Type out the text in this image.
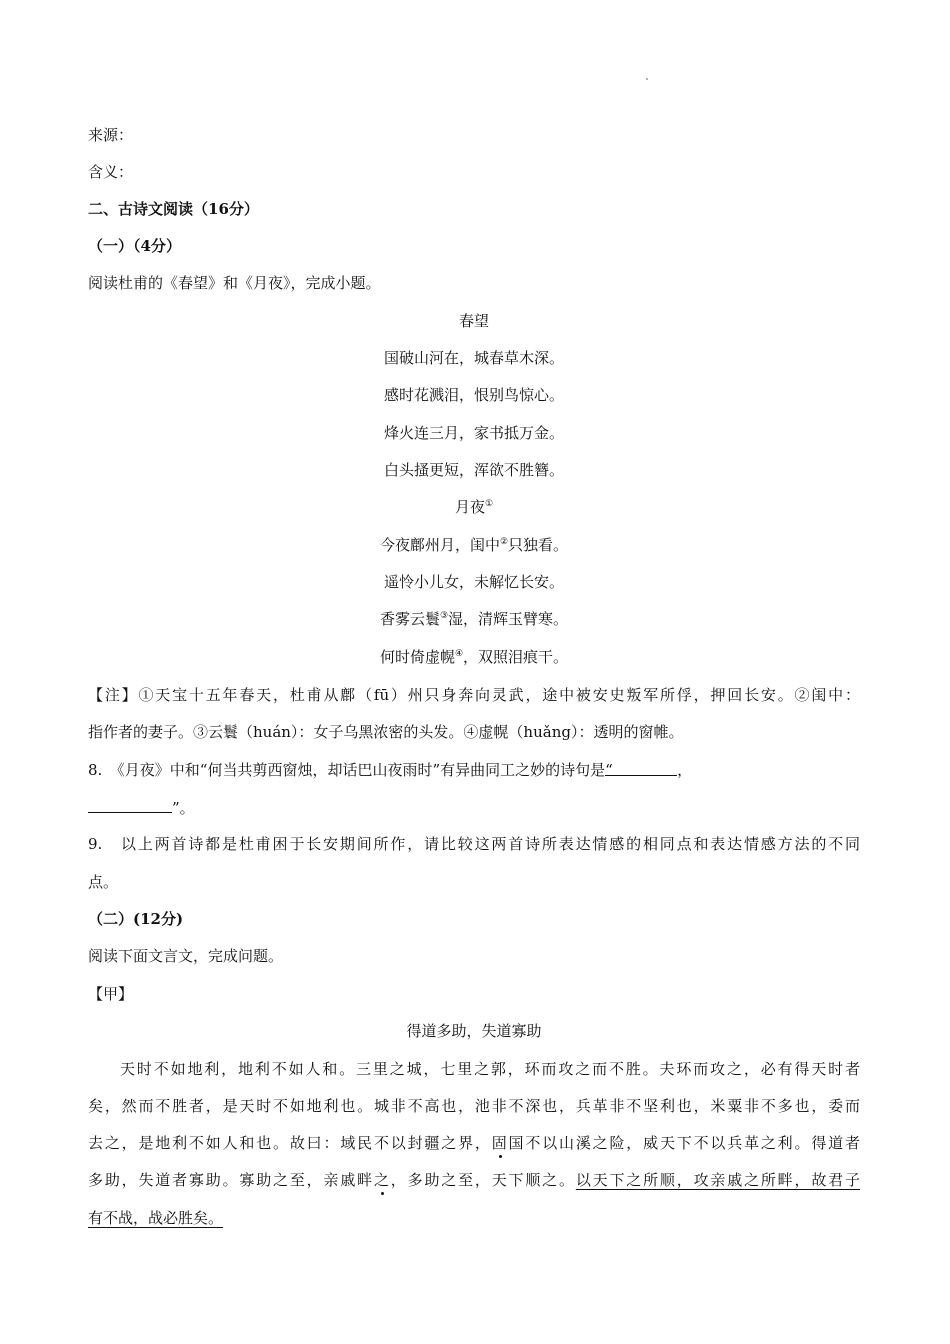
来源：
含义：
二、古诗文阅读（16分）
（一）（4分）
阅读杜甫的《春望》和《月夜》，完成小题。
春望
国破山河在，城春草木深。
感时花溅泪，恨别鸟惊心。
烽火连三月，家书抵万金。
白头搔更短，浑欲不胜簪。
月夜①
今夜鄜州月，闺中②只独看。
遥怜小儿女，未解忆长安。
香雾云鬟③湿，清辉玉臂寒。
何时倚虚幌④，双照泪痕干。
【注】①天宝十五年春天，杜甫从鄜（fū）州只身奔向灵武，途中被安史叛军所俘，押回长安。②闺中：
指作者的妻子。③云鬟（huán）：女子乌黑浓密的头发。④虚幌（huǎng）：透明的窗帷。
8.　《月夜》中和“何当共剪西窗烛，却话巴山夜雨时”有异曲同工之妙的诗句是“	，
”。
9.　以上两首诗都是杜甫困于长安期间所作，请比较这两首诗所表达情感的相同点和表达情感方法的不同
点。
（二）(12分)
阅读下面文言文，完成问题。
【甲】
得道多助，失道寡助
天时不如地利，地利不如人和。三里之城，七里之郭，环而攻之而不胜。夫环而攻之，必有得天时者
矣，然而不胜者，是天时不如地利也。城非不高也，池非不深也，兵革非不坚利也，米粟非不多也，委而
去之，是地利不如人和也。故曰：域民不以封疆之界，固国不以山溪之险，威天下不以兵革之利。得道者
多助，失道者寡助。寡助之至，亲戚畔之，多助之至，天下顺之。以天下之所顺，攻亲戚之所畔，故君子
有不战，战必胜矣。
